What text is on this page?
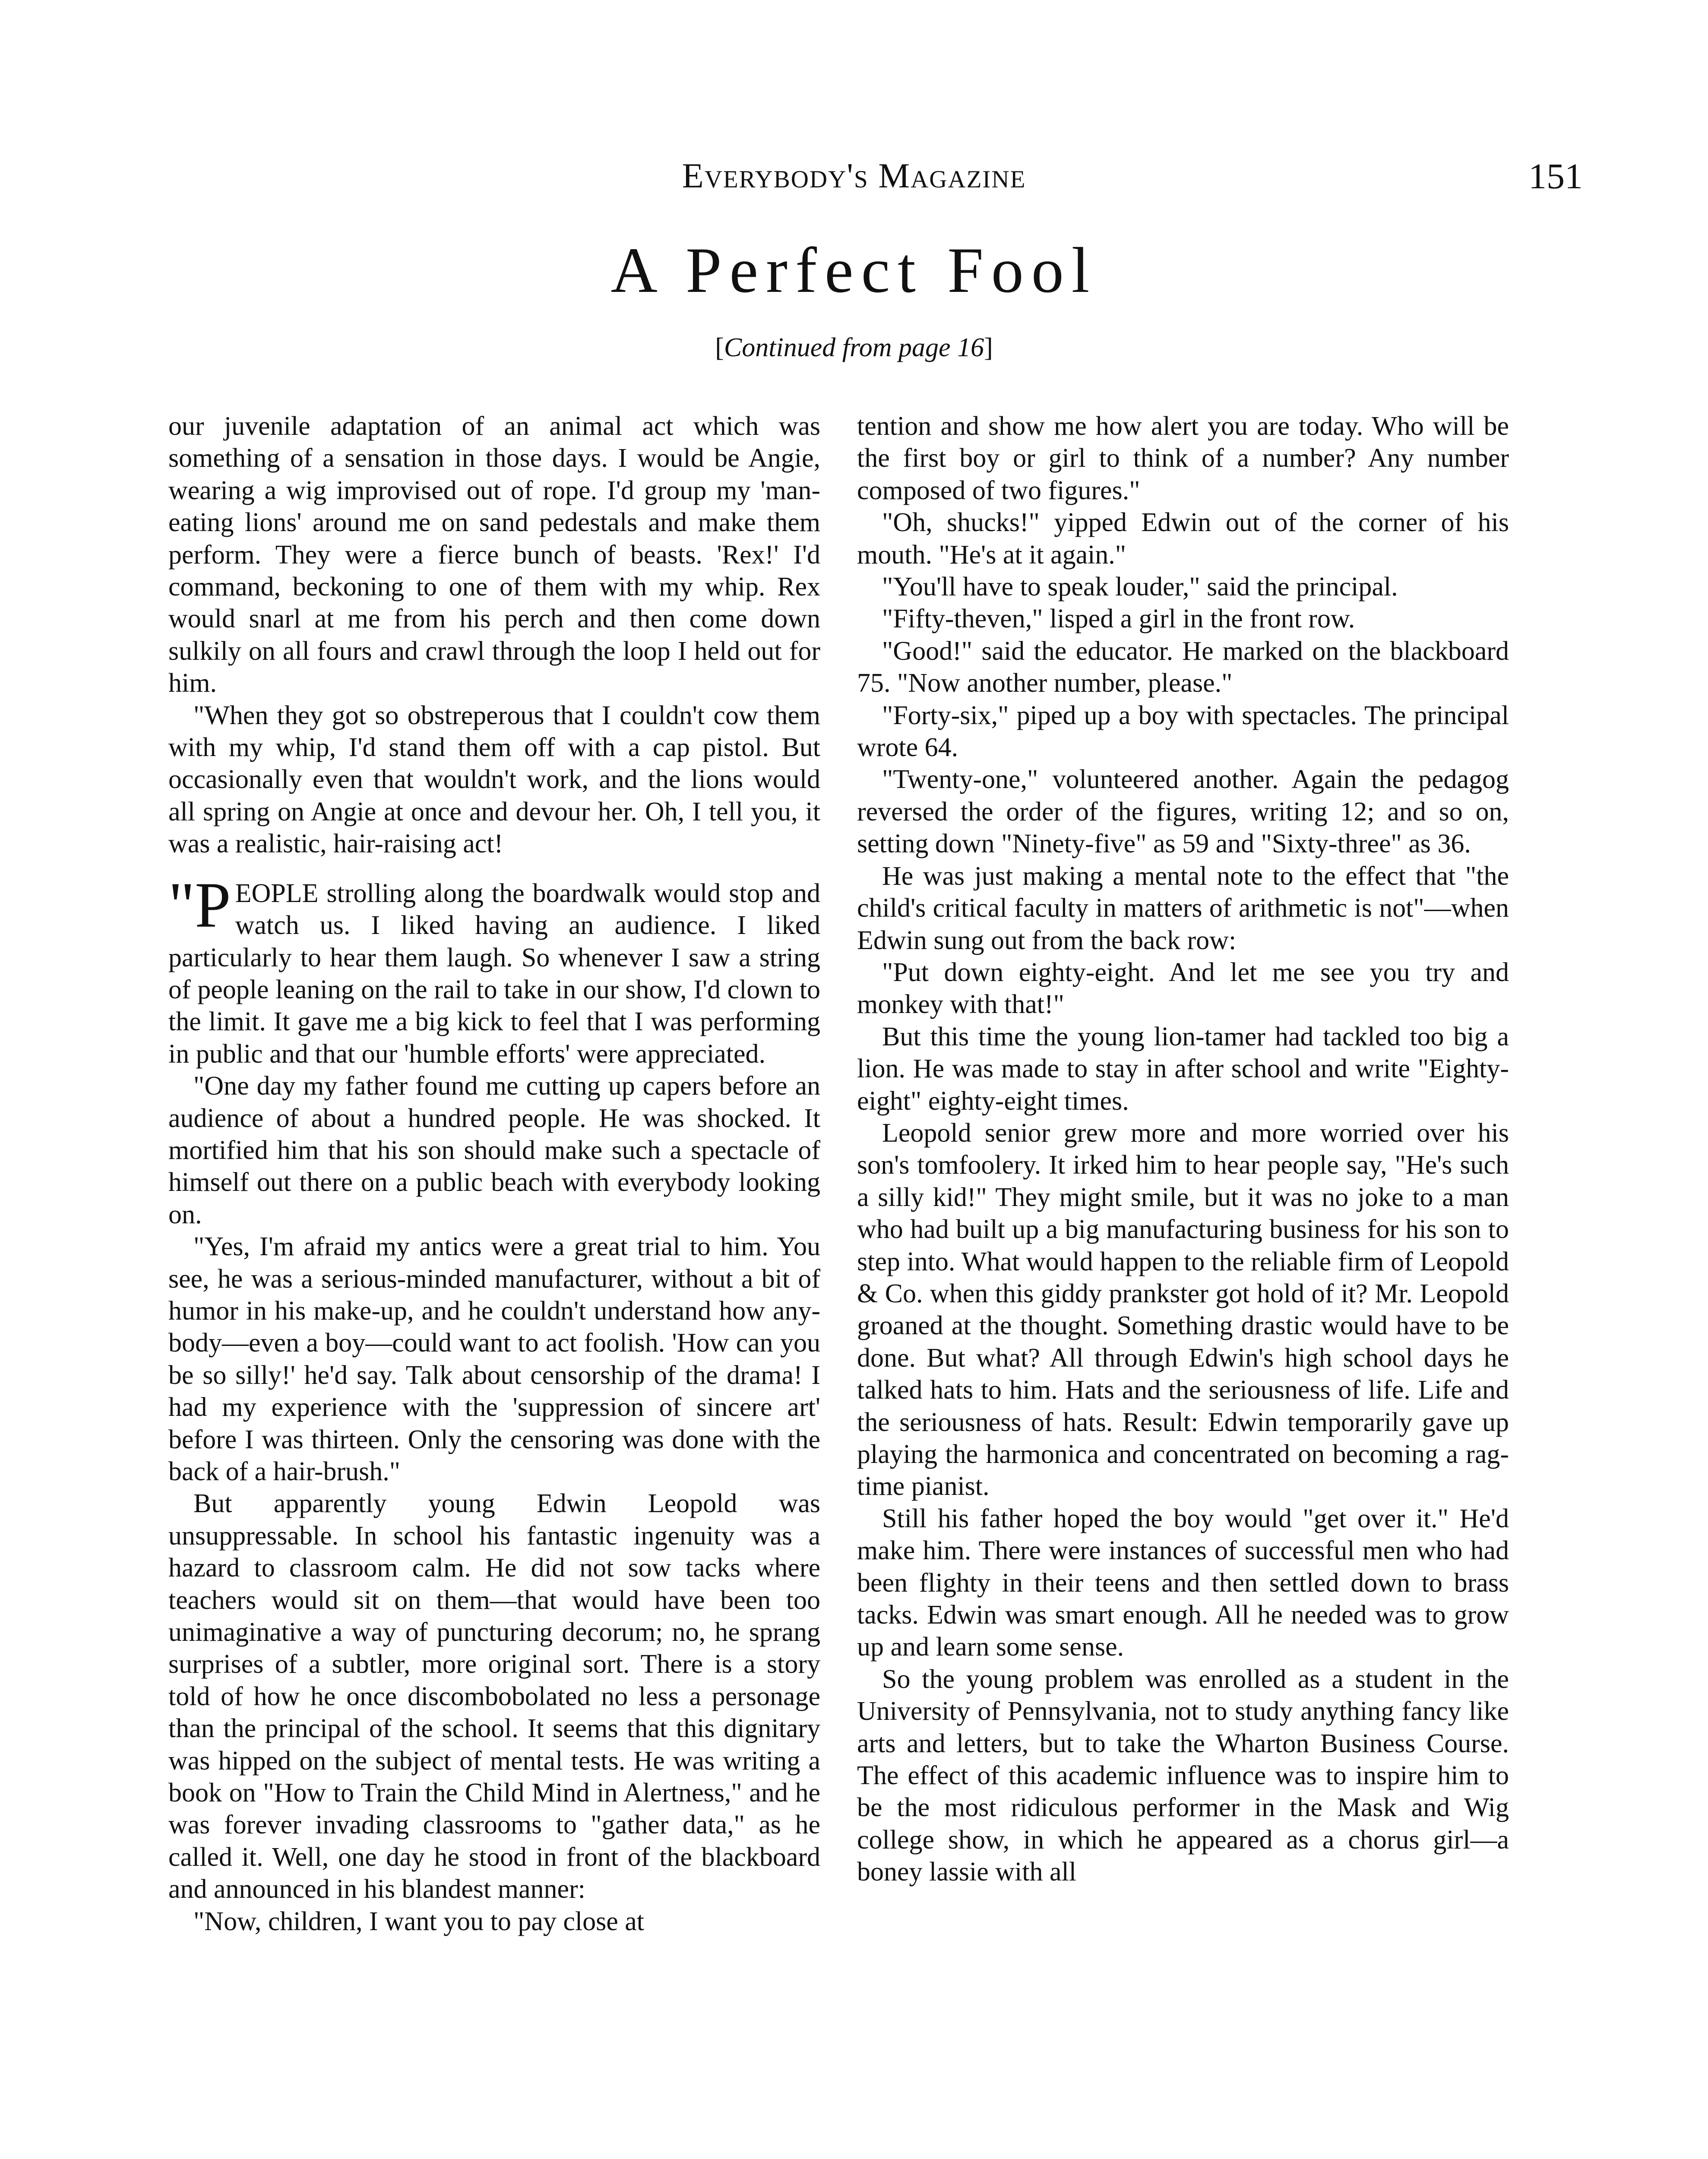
Everybody's Magazine	151
A Perfect Fool
[Continued from page 16]

our juvenile adaptation of an animal act which was something of a sensation in those days. I would be Angie, wearing a wig improvised out of rope. I'd group my 'man-eating lions' around me on sand pedestals and make them perform. They were a fierce bunch of beasts. 'Rex!' I'd command, beckoning to one of them with my whip. Rex would snarl at me from his perch and then come down sulkily on all fours and crawl through the loop I held out for him.

"When they got so obstreperous that I couldn't cow them with my whip, I'd stand them off with a cap pistol. But occasionally even that wouldn't work, and the lions would all spring on Angie at once and devour her. Oh, I tell you, it was a realistic, hair-raising act!

"PEOPLE strolling along the boardwalk would stop and watch us. I liked having an audience. I liked particularly to hear them laugh. So whenever I saw a string of people leaning on the rail to take in our show, I'd clown to the limit. It gave me a big kick to feel that I was performing in public and that our 'humble efforts' were appreciated.

"One day my father found me cutting up capers before an audience of about a hundred people. He was shocked. It mortified him that his son should make such a spectacle of himself out there on a public beach with everybody looking on.

"Yes, I'm afraid my antics were a great trial to him. You see, he was a serious-minded manufacturer, without a bit of humor in his make-up, and he couldn't understand how anybody—even a boy—could want to act foolish. 'How can you be so silly!' he'd say. Talk about censorship of the drama! I had my experience with the 'suppression of sincere art' before I was thirteen. Only the censoring was done with the back of a hair-brush."

But apparently young Edwin Leopold was unsuppressable. In school his fantastic ingenuity was a hazard to classroom calm. He did not sow tacks where teachers would sit on them—that would have been too unimaginative a way of puncturing decorum; no, he sprang surprises of a subtler, more original sort. There is a story told of how he once discombobolated no less a personage than the principal of the school. It seems that this dignitary was hipped on the subject of mental tests. He was writing a book on "How to Train the Child Mind in Alertness," and he was forever invading classrooms to "gather data," as he called it. Well, one day he stood in front of the blackboard and announced in his blandest manner:

"Now, children, I want you to pay close at

tention and show me how alert you are today. Who will be the first boy or girl to think of a number? Any number composed of two figures."

"Oh, shucks!" yipped Edwin out of the corner of his mouth. "He's at it again."

"You'll have to speak louder," said the principal.

"Fifty-theven," lisped a girl in the front row.

"Good!" said the educator. He marked on the blackboard 75. "Now another number, please."

"Forty-six," piped up a boy with spectacles. The principal wrote 64.

"Twenty-one," volunteered another. Again the pedagog reversed the order of the figures, writing 12; and so on, setting down "Ninety-five" as 59 and "Sixty-three" as 36.

He was just making a mental note to the effect that "the child's critical faculty in matters of arithmetic is not"—when Edwin sung out from the back row:

"Put down eighty-eight. And let me see you try and monkey with that!"

But this time the young lion-tamer had tackled too big a lion. He was made to stay in after school and write "Eighty-eight" eighty-eight times.

Leopold senior grew more and more worried over his son's tomfoolery. It irked him to hear people say, "He's such a silly kid!" They might smile, but it was no joke to a man who had built up a big manufacturing business for his son to step into. What would happen to the reliable firm of Leopold & Co. when this giddy prankster got hold of it? Mr. Leopold groaned at the thought. Something drastic would have to be done. But what? All through Edwin's high school days he talked hats to him. Hats and the seriousness of life. Life and the seriousness of hats. Result: Edwin temporarily gave up playing the harmonica and concentrated on becoming a ragtime pianist.

Still his father hoped the boy would "get over it." He'd make him. There were instances of successful men who had been flighty in their teens and then settled down to brass tacks. Edwin was smart enough. All he needed was to grow up and learn some sense.

So the young problem was enrolled as a student in the University of Pennsylvania, not to study anything fancy like arts and letters, but to take the Wharton Business Course. The effect of this academic influence was to inspire him to be the most ridiculous performer in the Mask and Wig college show, in which he appeared as a chorus girl—a boney lassie with all
